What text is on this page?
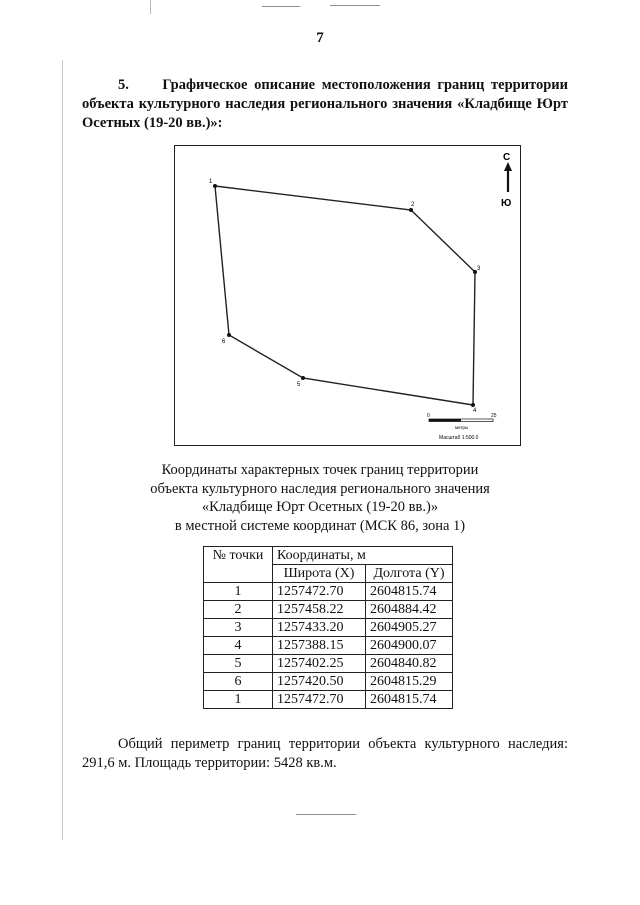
7
5. Графическое описание местоположения границ территории объекта культурного наследия регионального значения «Кладбище Юрт Осетных (19-20 вв.)»:
1
2
3
4
5
6
С
Ю
0	25
метры
Масштаб 1:500.0
Координаты характерных точек границ территории
объекта культурного наследия регионального значения
«Кладбище Юрт Осетных (19-20 вв.)»
в местной системе координат (МСК 86, зона 1)
№ точки	Координаты, м	
	Широта (X)	Долгота (Y)
1	1257472.70	2604815.74
2	1257458.22	2604884.42
3	1257433.20	2604905.27
4	1257388.15	2604900.07
5	1257402.25	2604840.82
6	1257420.50	2604815.29
1	1257472.70	2604815.74
Общий периметр границ территории объекта культурного наследия: 291,6 м. Площадь территории: 5428 кв.м.
